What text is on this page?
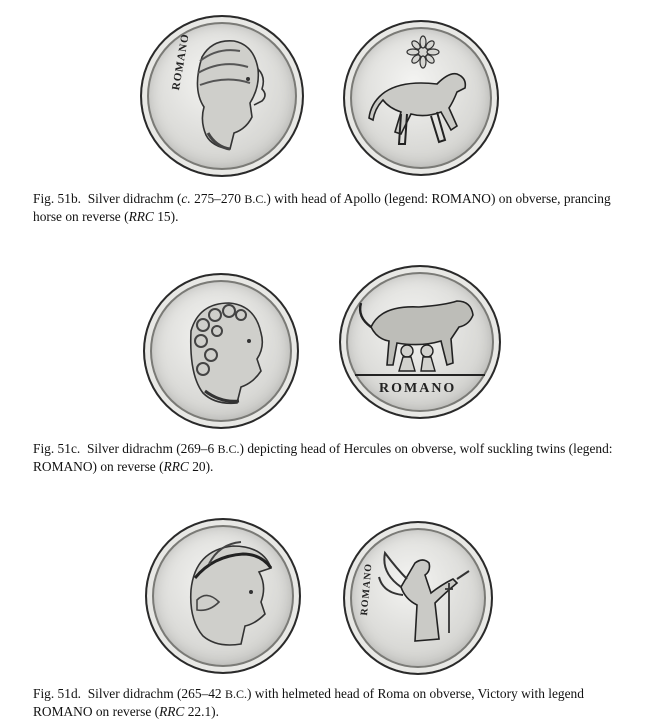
ROMANO
Fig. 51b. Silver didrachm (c. 275–270 B.C.) with head of Apollo (legend: ROMANO) on obverse, prancing horse on reverse (RRC 15).
ROMANO
Fig. 51c. Silver didrachm (269–6 B.C.) depicting head of Hercules on obverse, wolf suckling twins (legend: ROMANO) on reverse (RRC 20).
ROMANO
Fig. 51d. Silver didrachm (265–42 B.C.) with helmeted head of Roma on obverse, Victory with legend ROMANO on reverse (RRC 22.1).
